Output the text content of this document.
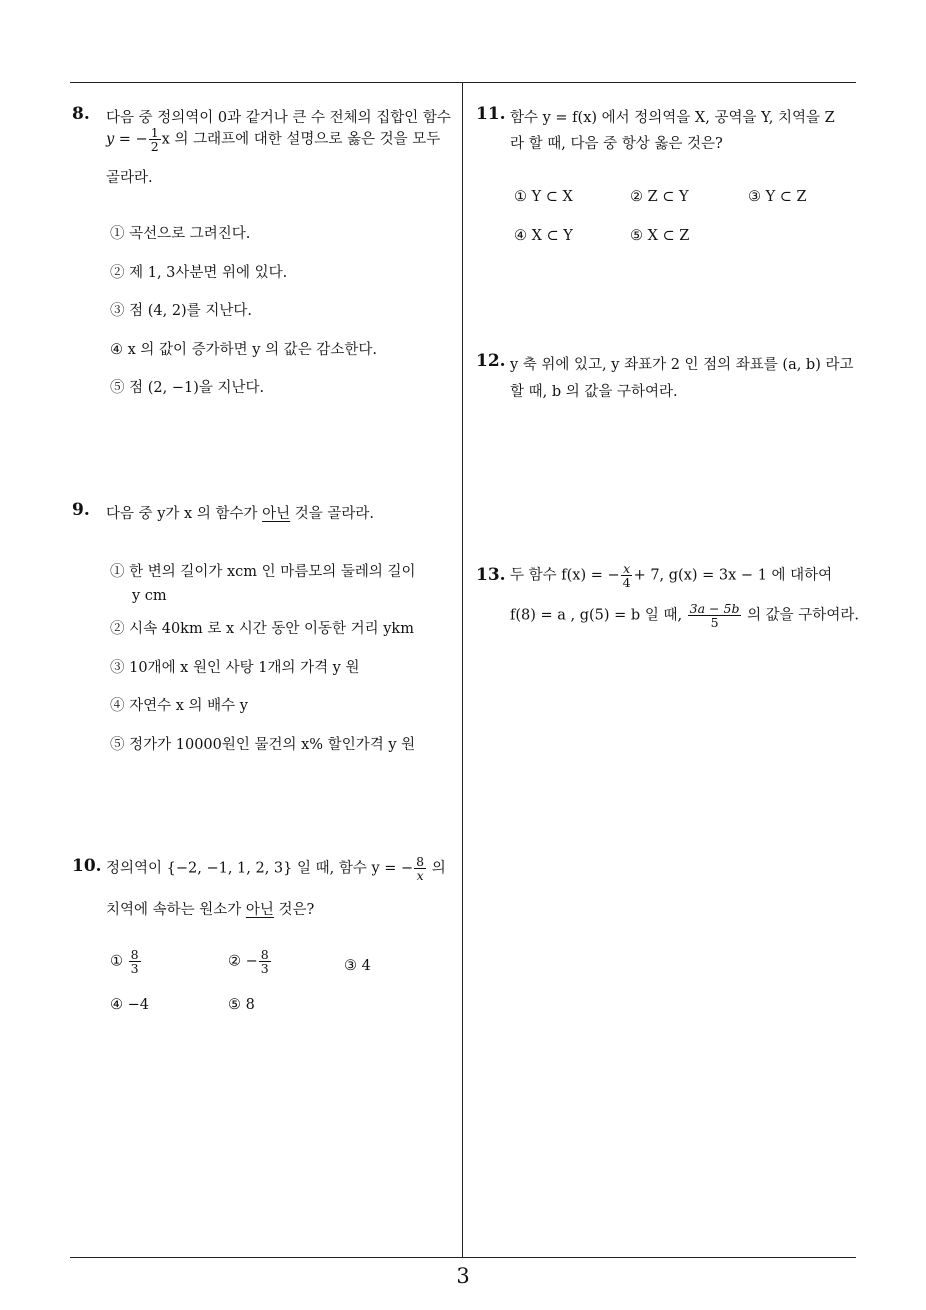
8. 다음 중 정의역이 0과 같거나 큰 수 전체의 집합인 함수
y = − $\frac{1}{2}$ x 의 그래프에 대한 설명으로 옳은 것을 모두
골라라.
① 곡선으로 그려진다.
② 제 1, 3사분면 위에 있다.
③ 점 (4, 2)를 지난다.
④ x 의 값이 증가하면 y 의 값은 감소한다.
⑤ 점 (2, −1)을 지난다.
9. 다음 중 y가 x 의 함수가 아닌 것을 골라라.
① 한 변의 길이가 xcm 인 마름모의 둘레의 길이
y cm
② 시속 40km 로 x 시간 동안 이동한 거리 ykm
③ 10개에 x 원인 사탕 1개의 가격 y 원
④ 자연수 x 의 배수 y
⑤ 정가가 10000원인 물건의 x% 할인가격 y 원
10. 정의역이 {−2, −1, 1, 2, 3} 일 때, 함수 y = − $\frac{8}{x}$ 의
치역에 속하는 원소가 아닌 것은?
① $\frac{8}{3}$	② − $\frac{8}{3}$	③ 4
④ −4	⑤ 8
11. 함수 y = f(x) 에서 정의역을 X, 공역을 Y, 치역을 Z
라 할 때, 다음 중 항상 옳은 것은?
① Y ⊂ X	② Z ⊂ Y	③ Y ⊂ Z
④ X ⊂ Y	⑤ X ⊂ Z
12. y 축 위에 있고, y 좌표가 2 인 점의 좌표를 (a, b) 라고
할 때, b 의 값을 구하여라.
13. 두 함수 f(x) = − $\frac{x}{4} + 7$, g(x) = 3x − 1 에 대하여
f(8) = a , g(5) = b 일 때, $\frac{3a - 5b}{5}$ 의 값을 구하여라.
3
